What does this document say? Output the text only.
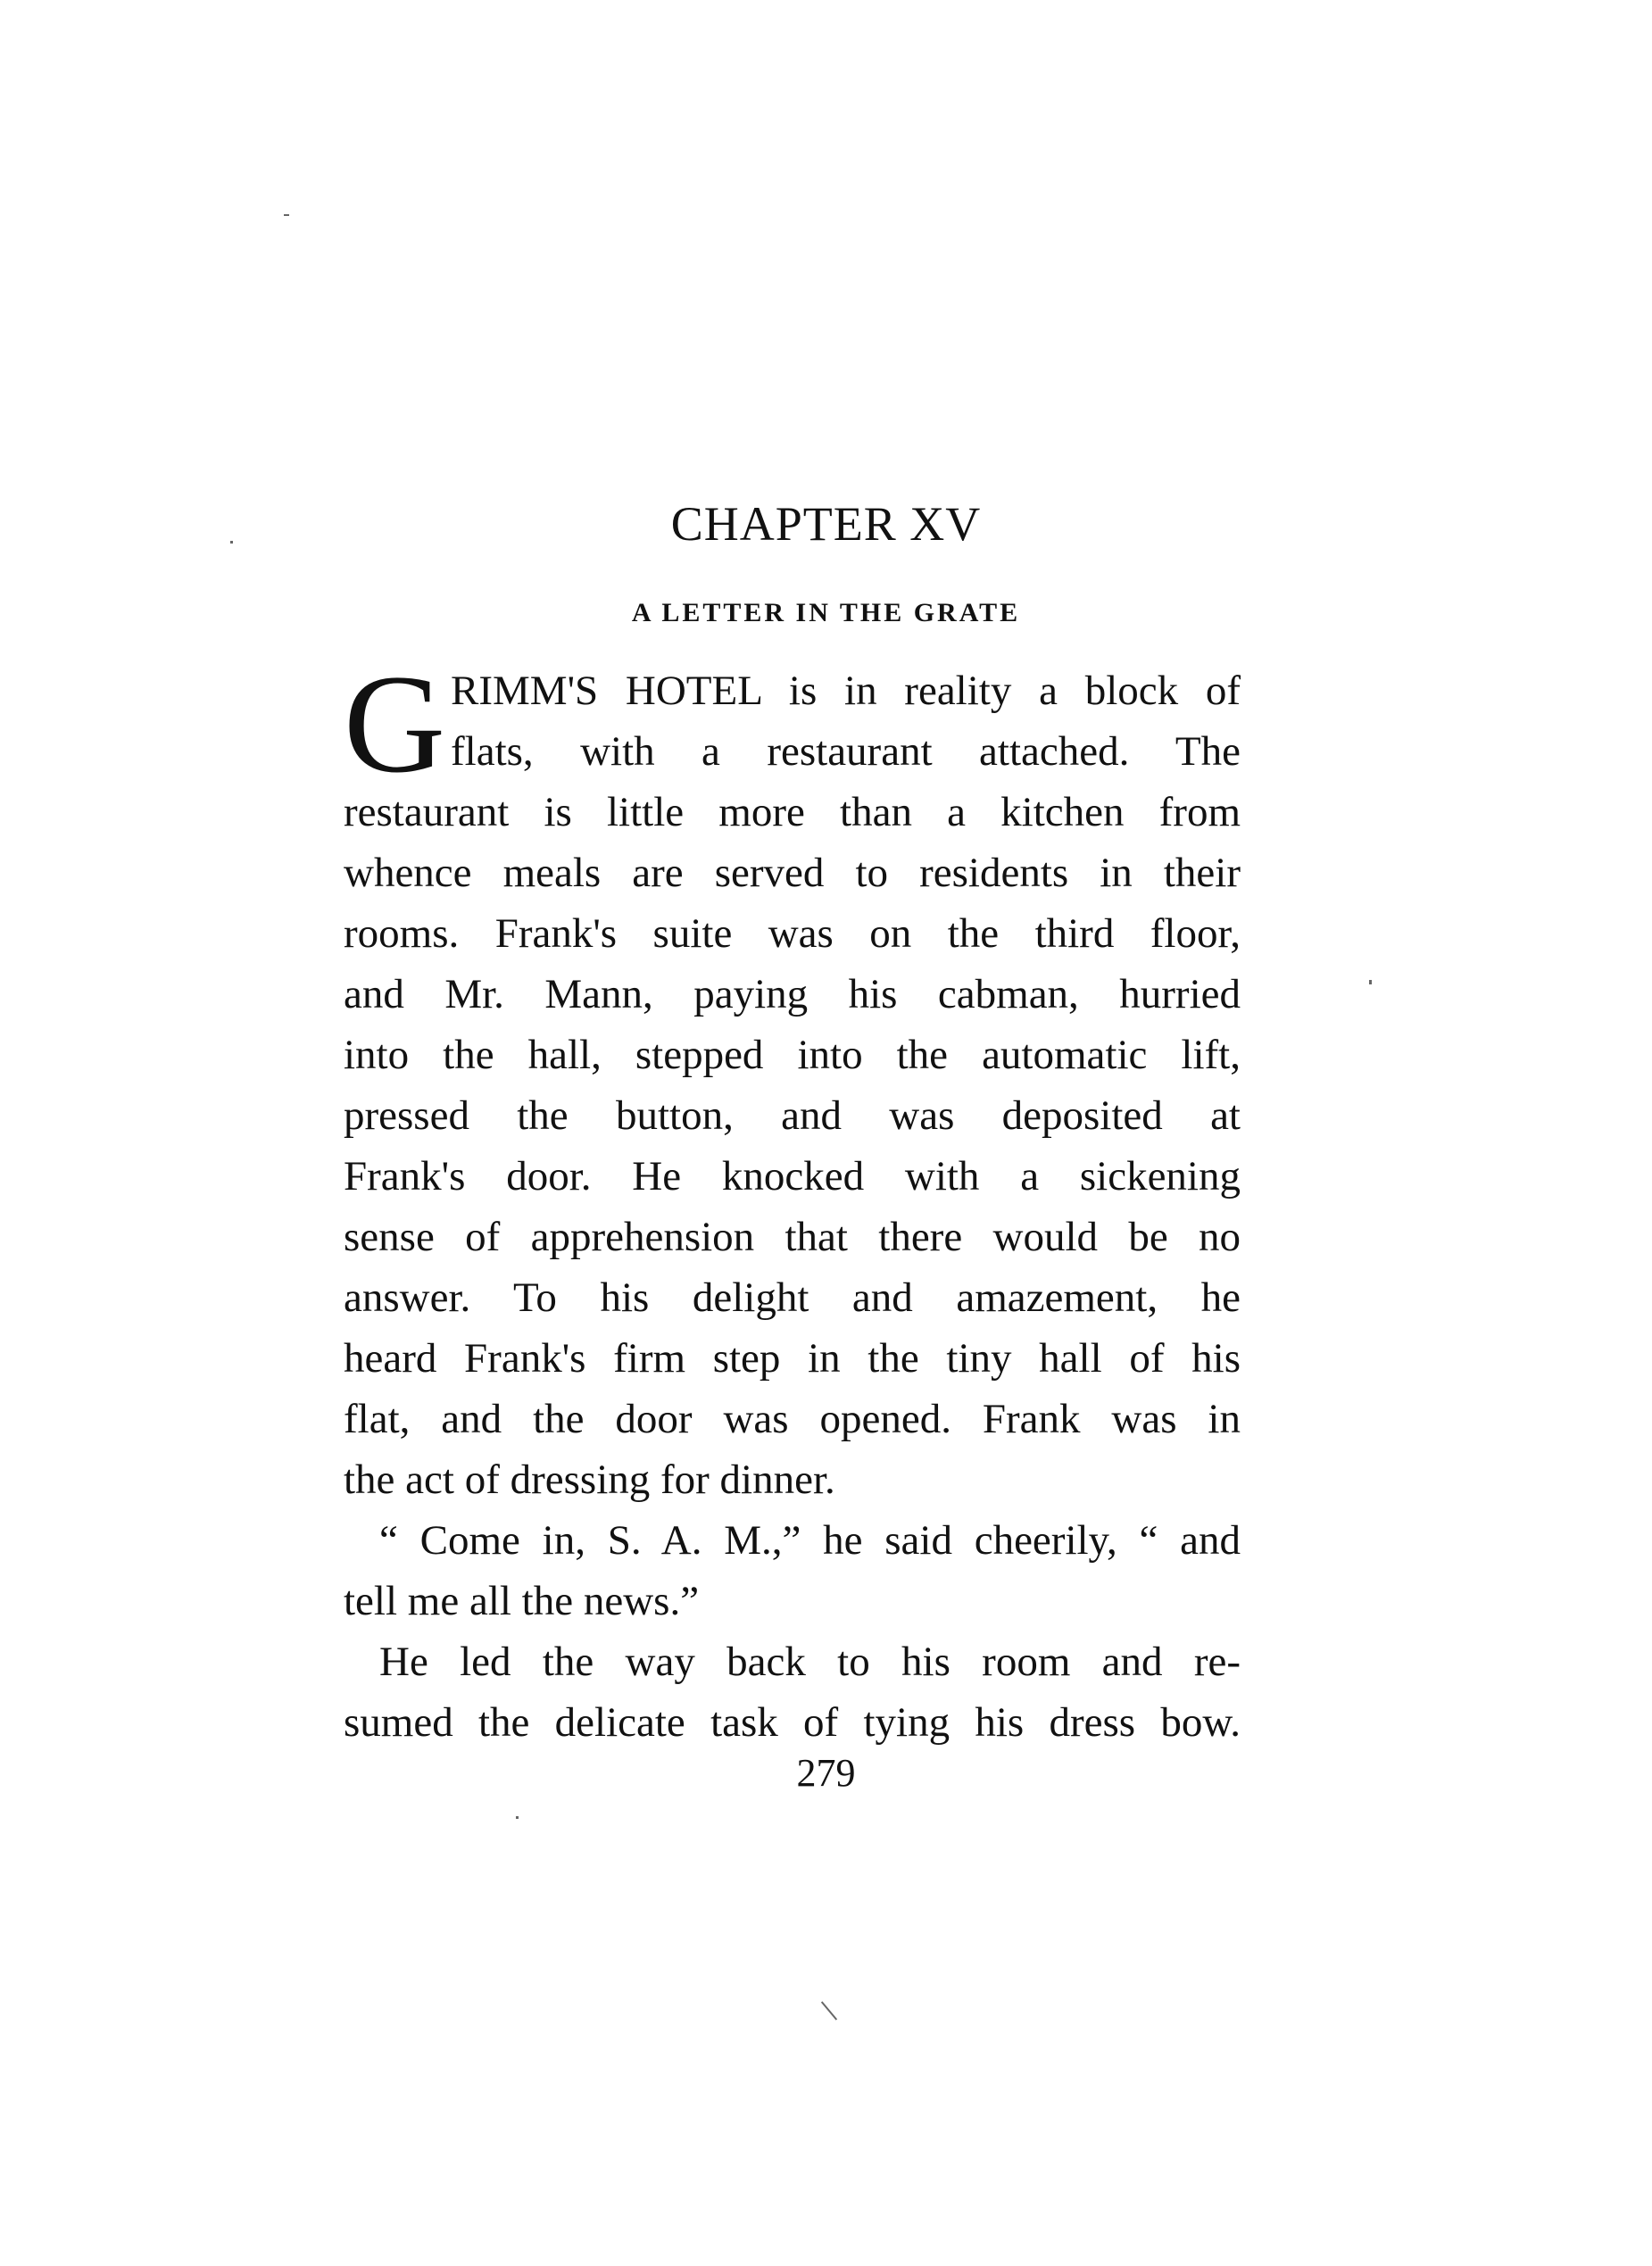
CHAPTER XV
A LETTER IN THE GRATE
G RIMM'S HOTEL is in reality a block of
flats, with a restaurant attached. The
restaurant is little more than a kitchen from
whence meals are served to residents in their
rooms. Frank's suite was on the third floor,
and Mr. Mann, paying his cabman, hurried
into the hall, stepped into the automatic lift,
pressed the button, and was deposited at
Frank's door. He knocked with a sickening
sense of apprehension that there would be no
answer. To his delight and amazement, he
heard Frank's firm step in the tiny hall of his
flat, and the door was opened. Frank was in
the act of dressing for dinner.
“ Come in, S. A. M.,” he said cheerily, “ and
tell me all the news.”
He led the way back to his room and re-
sumed the delicate task of tying his dress bow.
279
